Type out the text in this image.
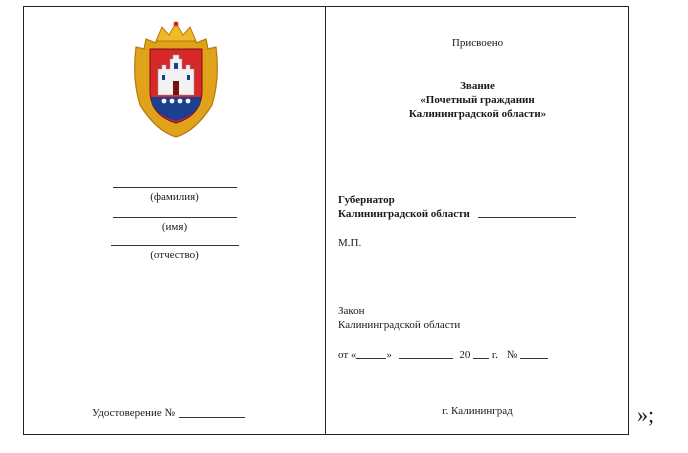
(фамилия)
(имя)
(отчество)
Удостоверение №
Присвоено
Звание
«Почетный гражданин
Калининградской области»
Губернатор
Калининградской области
М.П.
Закон
Калининградской области
от «	»	20 г. №
г. Калининград	»;
